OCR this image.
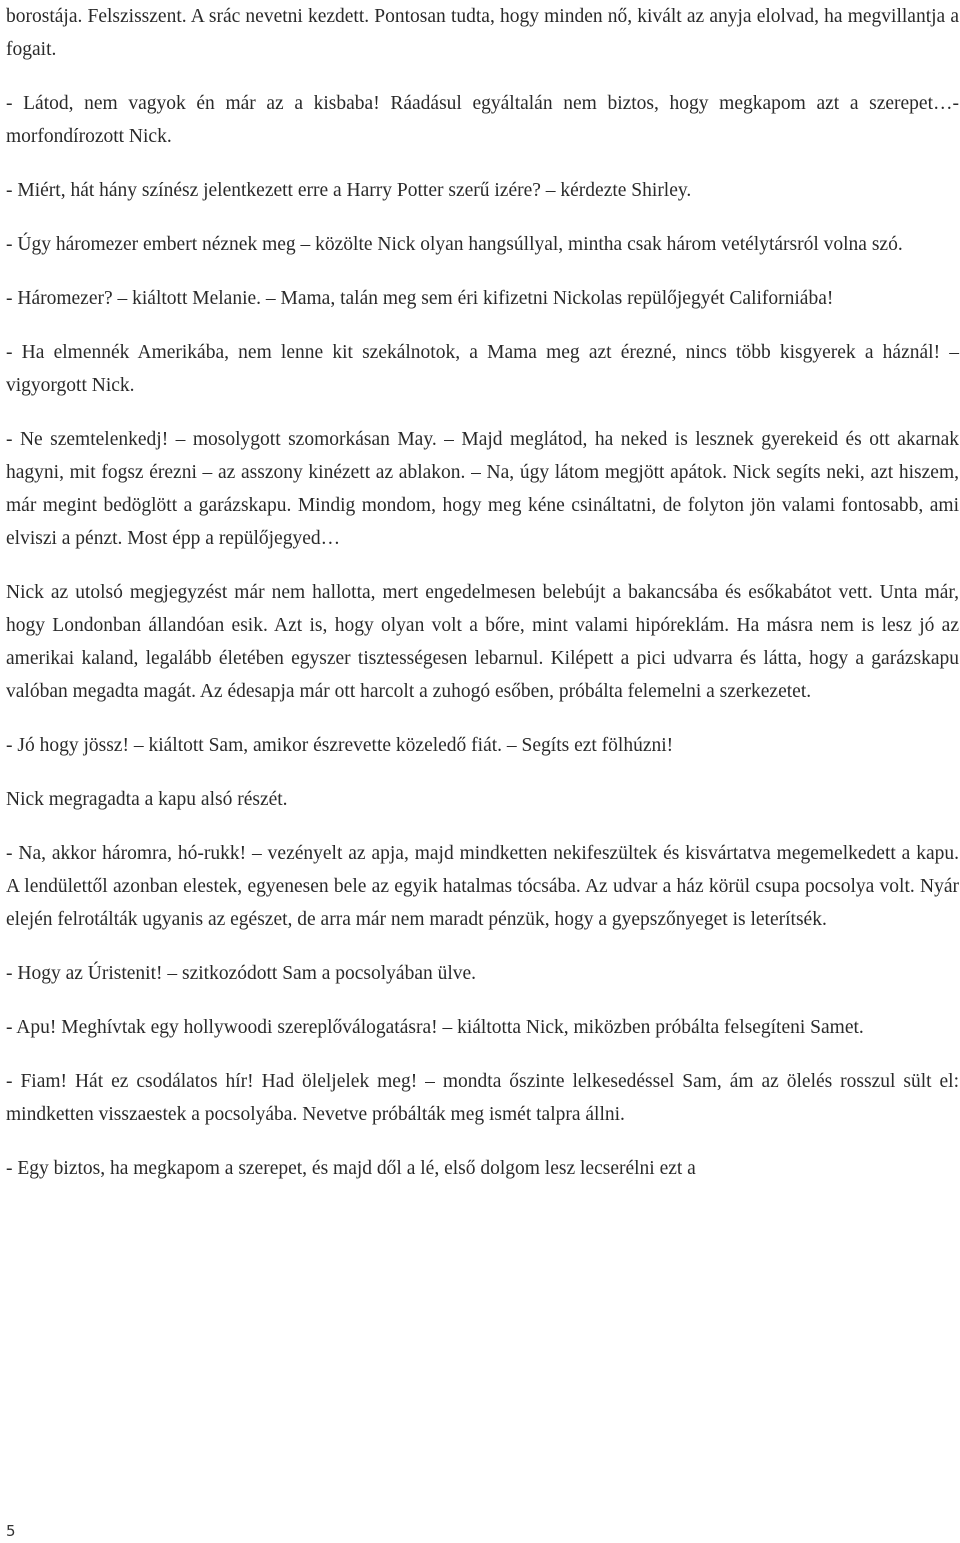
borostája. Felszisszent. A srác nevetni kezdett. Pontosan tudta, hogy minden nő, kivált az anyja elolvad, ha megvillantja a fogait.

- Látod, nem vagyok én már az a kisbaba! Ráadásul egyáltalán nem biztos, hogy megkapom azt a szerepet…- morfondírozott Nick.

- Miért, hát hány színész jelentkezett erre a Harry Potter szerű izére? – kérdezte Shirley.

- Úgy háromezer embert néznek meg – közölte Nick olyan hangsúllyal, mintha csak három vetélytársról volna szó.

- Háromezer? – kiáltott Melanie. – Mama, talán meg sem éri kifizetni Nickolas repülőjegyét Californiába!

- Ha elmennék Amerikába, nem lenne kit szekálnotok, a Mama meg azt érezné, nincs több kisgyerek a háznál! – vigyorgott Nick.

- Ne szemtelenkedj! – mosolygott szomorkásan May. – Majd meglátod, ha neked is lesznek gyerekeid és ott akarnak hagyni, mit fogsz érezni – az asszony kinézett az ablakon. – Na, úgy látom megjött apátok. Nick segíts neki, azt hiszem, már megint bedöglött a garázskapu. Mindig mondom, hogy meg kéne csináltatni, de folyton jön valami fontosabb, ami elviszi a pénzt. Most épp a repülőjegyed…

Nick az utolsó megjegyzést már nem hallotta, mert engedelmesen belebújt a bakancsába és esőkabátot vett. Unta már, hogy Londonban állandóan esik. Azt is, hogy olyan volt a bőre, mint valami hipóreklám. Ha másra nem is lesz jó az amerikai kaland, legalább életében egyszer tisztességesen lebarnul. Kilépett a pici udvarra és látta, hogy a garázskapu valóban megadta magát. Az édesapja már ott harcolt a zuhogó esőben, próbálta felemelni a szerkezetet.

- Jó hogy jössz! – kiáltott Sam, amikor észrevette közeledő fiát. – Segíts ezt fölhúzni!

Nick megragadta a kapu alsó részét.

- Na, akkor háromra, hó-rukk! – vezényelt az apja, majd mindketten nekifeszültek és kisvártatva megemelkedett a kapu. A lendülettől azonban elestek, egyenesen bele az egyik hatalmas tócsába. Az udvar a ház körül csupa pocsolya volt. Nyár elején felrotálták ugyanis az egészet, de arra már nem maradt pénzük, hogy a gyepszőnyeget is leterítsék.

- Hogy az Úristenit! – szitkozódott Sam a pocsolyában ülve.

- Apu! Meghívtak egy hollywoodi szereplőválogatásra! – kiáltotta Nick, miközben próbálta felsegíteni Samet.

- Fiam! Hát ez csodálatos hír! Had öleljelek meg! – mondta őszinte lelkesedéssel Sam, ám az ölelés rosszul sült el: mindketten visszaestek a pocsolyába. Nevetve próbálták meg ismét talpra állni.

- Egy biztos, ha megkapom a szerepet, és majd dől a lé, első dolgom lesz lecserélni ezt a

5
